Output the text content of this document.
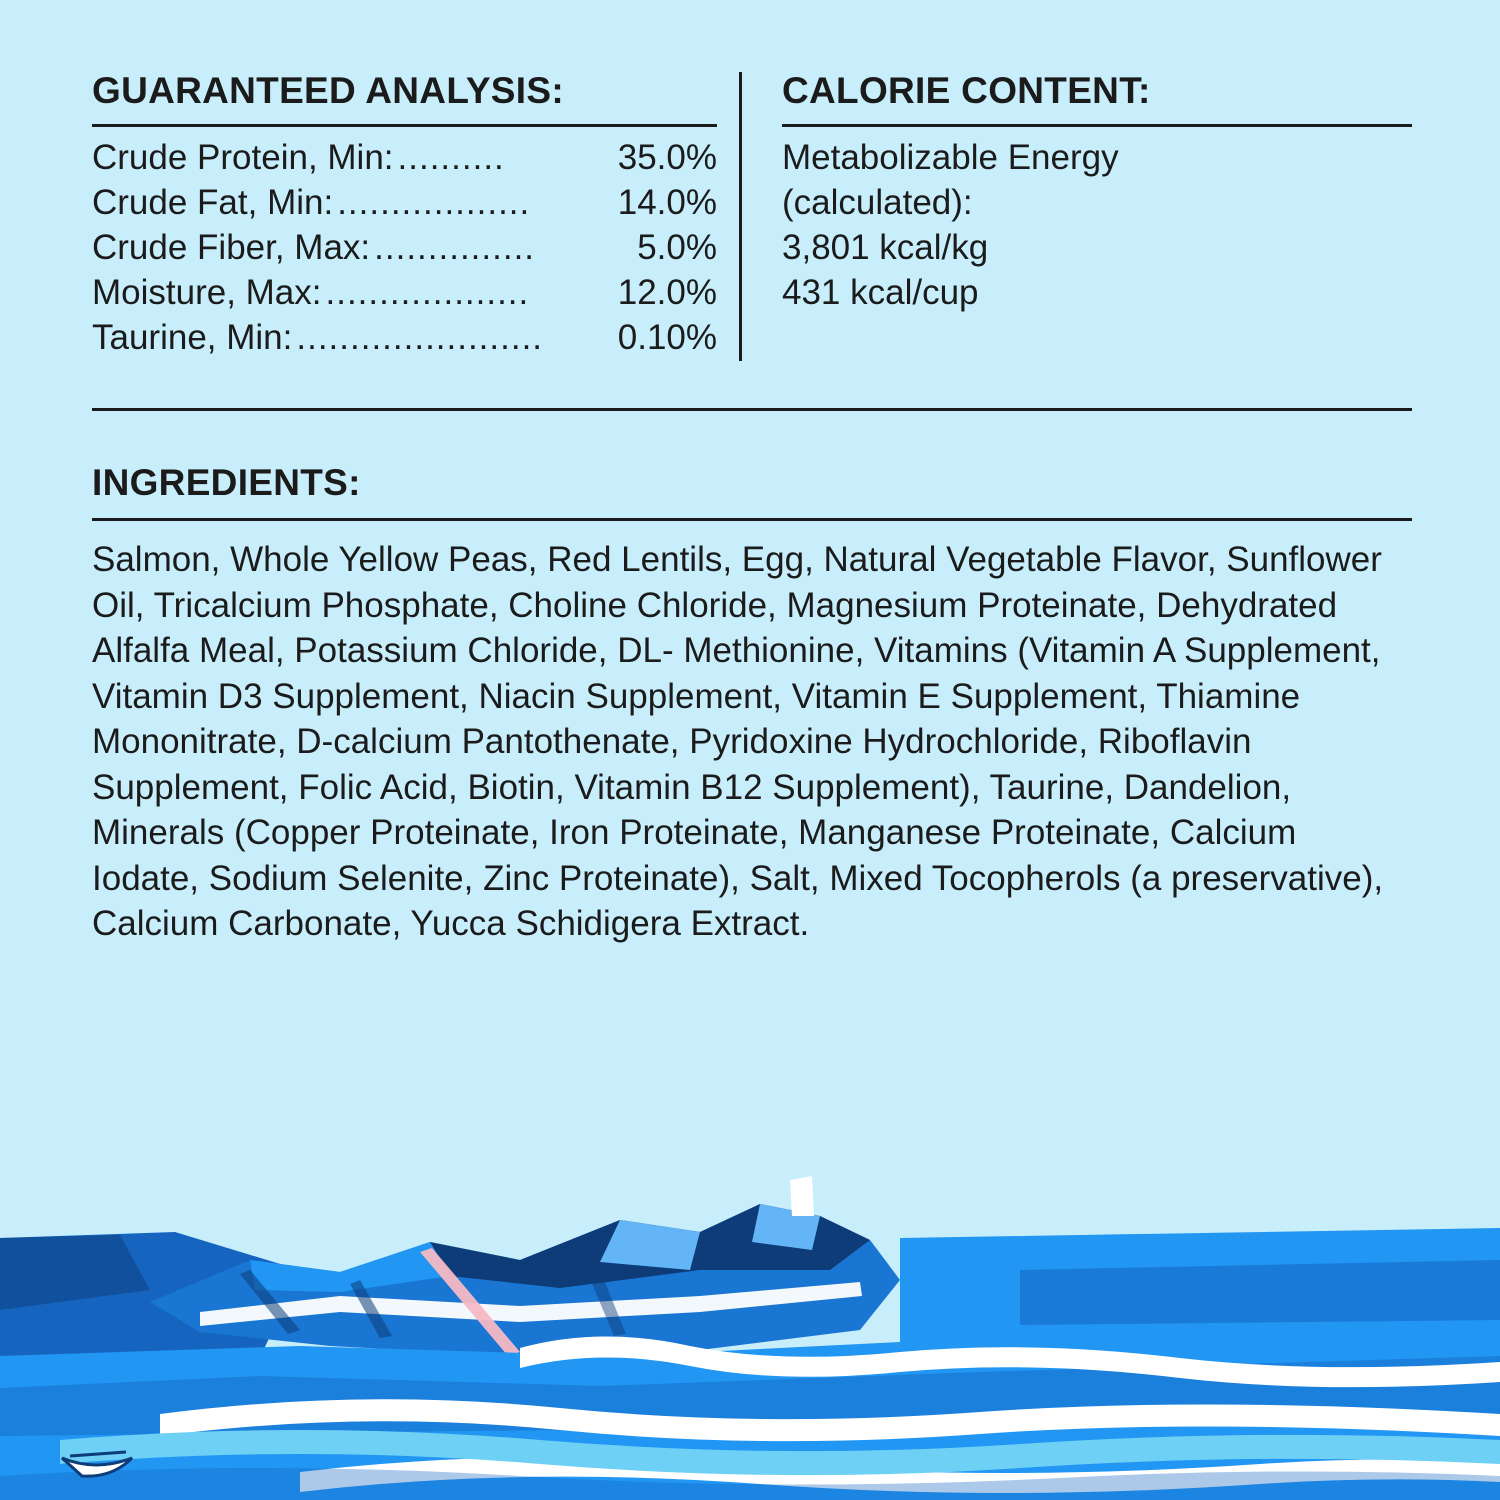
GUARANTEED ANALYSIS:
Crude Protein, Min: ..........	35.0%
Crude Fat, Min: ..................	14.0%
Crude Fiber, Max: ...............	5.0%
Moisture, Max: ...................	12.0%
Taurine, Min: .......................	0.10%
CALORIE CONTENT:
Metabolizable Energy
(calculated):
3,801 kcal/kg
431 kcal/cup
INGREDIENTS:
Salmon, Whole Yellow Peas, Red Lentils, Egg, Natural Vegetable Flavor, Sunflower Oil, Tricalcium Phosphate, Choline Chloride, Magnesium Proteinate, Dehydrated Alfalfa Meal, Potassium Chloride, DL- Methionine, Vitamins (Vitamin A Supplement, Vitamin D3 Supplement, Niacin Supplement, Vitamin E Supplement, Thiamine Mononitrate, D-calcium Pantothenate, Pyridoxine Hydrochloride, Riboflavin Supplement, Folic Acid, Biotin, Vitamin B12 Supplement), Taurine, Dandelion, Minerals (Copper Proteinate, Iron Proteinate, Manganese Proteinate, Calcium Iodate, Sodium Selenite, Zinc Proteinate), Salt, Mixed Tocopherols (a preservative), Calcium Carbonate, Yucca Schidigera Extract.
